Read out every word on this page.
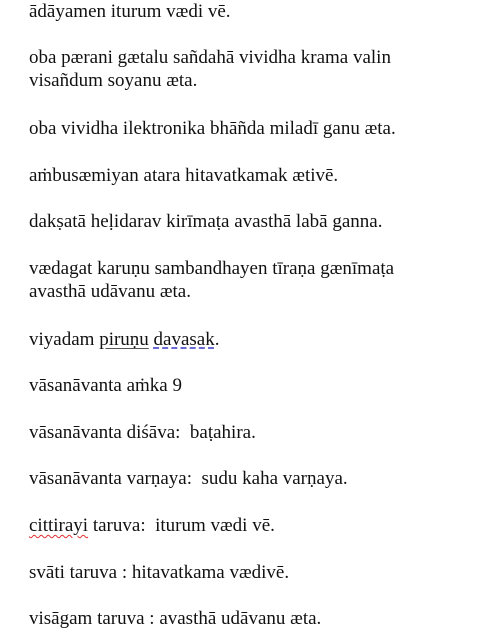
ādāyamen iturum vædi vē.

oba pærani gætalu sañdahā vividha krama valin
visañdum soyanu æta.

oba vividha ilektronika bhāñda miladī ganu æta.

aṁbusæmiyan atara hitavatkamak ætivē.

dakṣatā heḷidarav kirīmaṭa avasthā labā ganna.

vædagat karuṇu sambandhayen tīraṇa gænīmaṭa
avasthā udāvanu æta.

viyadam piruṇu davasak.

vāsanāvanta aṁka 9

vāsanāvanta diśāva:  baṭahira.

vāsanāvanta varṇaya:  sudu kaha varṇaya.

cittirayi taruva:  iturum vædi vē.

svāti taruva : hitavatkama vædivē.

visāgam taruva : avasthā udāvanu æta.
